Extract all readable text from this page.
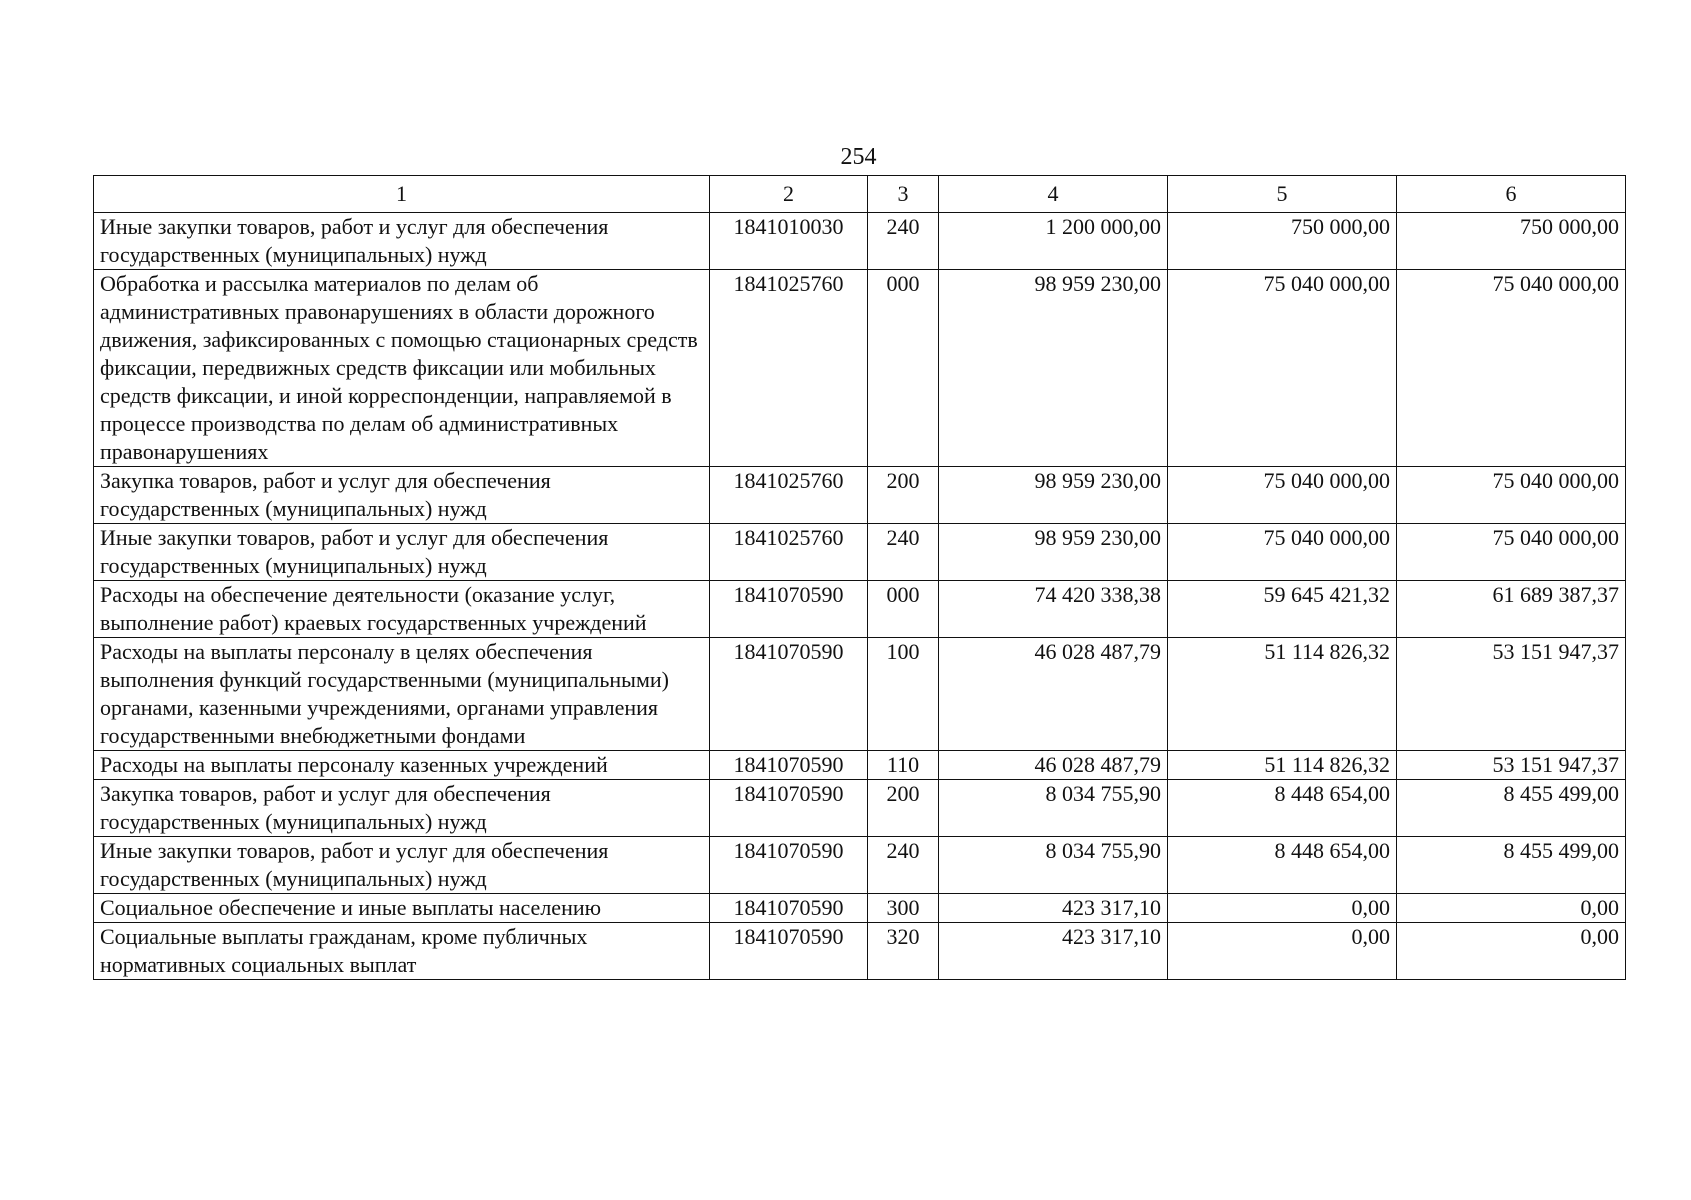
254
1	2	3	4	5	6
Иные закупки товаров, работ и услуг для обеспечения государственных (муниципальных) нужд	1841010030	240	1 200 000,00	750 000,00	750 000,00
Обработка и рассылка материалов по делам об административных правонарушениях в области дорожного движения, зафиксированных с помощью стационарных средств фиксации, передвижных средств фиксации или мобильных средств фиксации, и иной корреспонденции, направляемой в процессе производства по делам об административных правонарушениях	1841025760	000	98 959 230,00	75 040 000,00	75 040 000,00
Закупка товаров, работ и услуг для обеспечения государственных (муниципальных) нужд	1841025760	200	98 959 230,00	75 040 000,00	75 040 000,00
Иные закупки товаров, работ и услуг для обеспечения государственных (муниципальных) нужд	1841025760	240	98 959 230,00	75 040 000,00	75 040 000,00
Расходы на обеспечение деятельности (оказание услуг, выполнение работ) краевых государственных учреждений	1841070590	000	74 420 338,38	59 645 421,32	61 689 387,37
Расходы на выплаты персоналу в целях обеспечения выполнения функций государственными (муниципальными) органами, казенными учреждениями, органами управления государственными внебюджетными фондами	1841070590	100	46 028 487,79	51 114 826,32	53 151 947,37
Расходы на выплаты персоналу казенных учреждений	1841070590	110	46 028 487,79	51 114 826,32	53 151 947,37
Закупка товаров, работ и услуг для обеспечения государственных (муниципальных) нужд	1841070590	200	8 034 755,90	8 448 654,00	8 455 499,00
Иные закупки товаров, работ и услуг для обеспечения государственных (муниципальных) нужд	1841070590	240	8 034 755,90	8 448 654,00	8 455 499,00
Социальное обеспечение и иные выплаты населению	1841070590	300	423 317,10	0,00	0,00
Социальные выплаты гражданам, кроме публичных нормативных социальных выплат	1841070590	320	423 317,10	0,00	0,00
